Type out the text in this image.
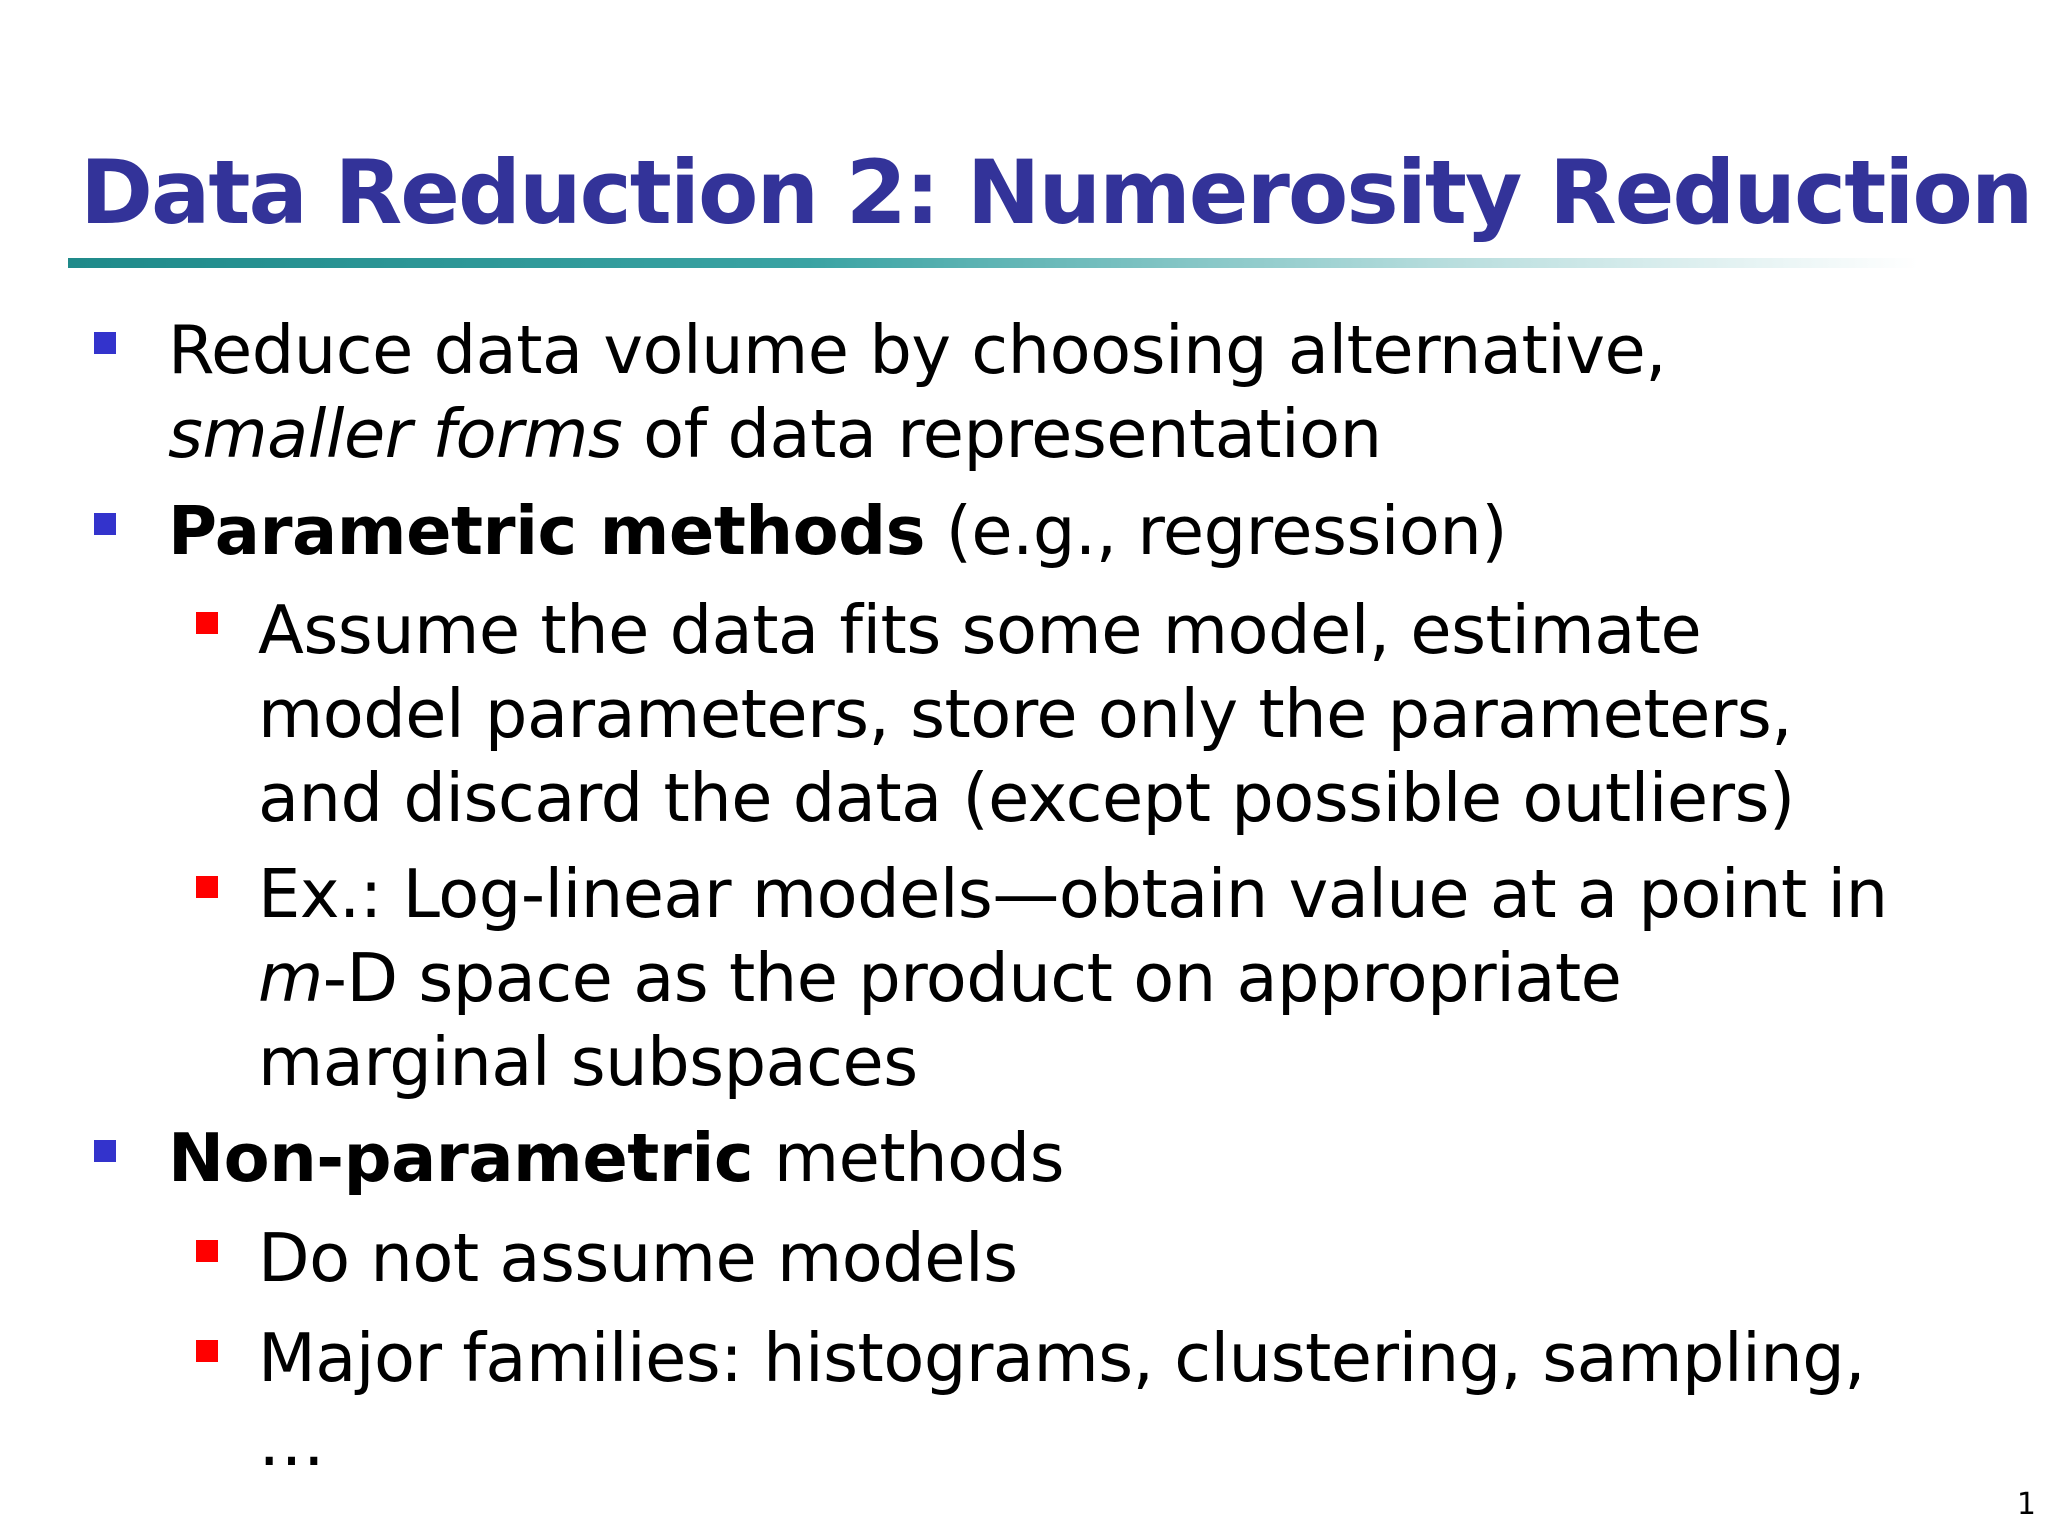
Data Reduction 2: Numerosity Reduction

Reduce data volume by choosing alternative, smaller forms of data representation

Parametric methods (e.g., regression)

Assume the data fits some model, estimate model parameters, store only the parameters, and discard the data (except possible outliers)

Ex.: Log-linear models—obtain value at a point in m-D space as the product on appropriate marginal subspaces

Non-parametric methods

Do not assume models

Major families: histograms, clustering, sampling, …

1
